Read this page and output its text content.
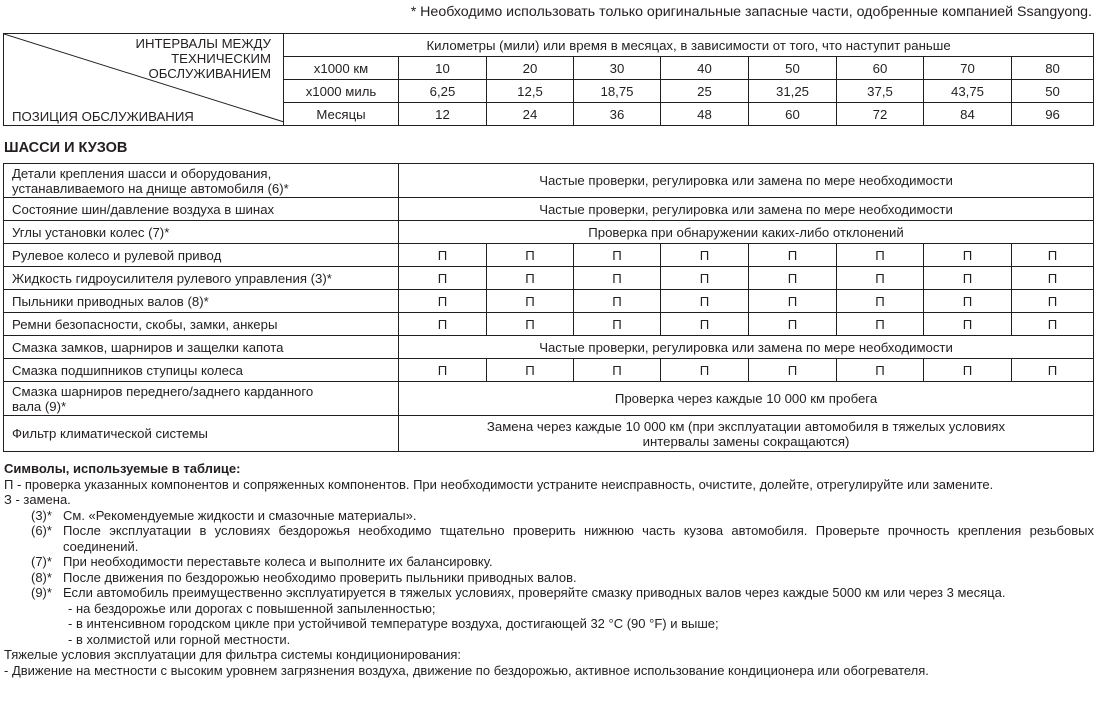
* Необходимо использовать только оригинальные запасные части, одобренные компанией Ssangyong.
ИНТЕРВАЛЫ МЕЖДУ
ТЕХНИЧЕСКИМ
ОБСЛУЖИВАНИЕМ
ПОЗИЦИЯ ОБСЛУЖИВАНИЯ	Километры (мили) или время в месяцах, в зависимости от того, что наступит раньше								
	x1000 км	10	20	30	40	50	60	70	80
	x1000 миль	6,25	12,5	18,75	25	31,25	37,5	43,75	50
	Месяцы	12	24	36	48	60	72	84	96
ШАССИ И КУЗОВ
Детали крепления шасси и оборудования,
устанавливаемого на днище автомобиля (6)*	Частые проверки, регулировка или замена по мере необходимости							
Состояние шин/давление воздуха в шинах	Частые проверки, регулировка или замена по мере необходимости							
Углы установки колес (7)*	Проверка при обнаружении каких-либо отклонений							
Рулевое колесо и рулевой привод	П	П	П	П	П	П	П	П
Жидкость гидроусилителя рулевого управления (3)*	П	П	П	П	П	П	П	П
Пыльники приводных валов (8)*	П	П	П	П	П	П	П	П
Ремни безопасности, скобы, замки, анкеры	П	П	П	П	П	П	П	П
Смазка замков, шарниров и защелки капота	Частые проверки, регулировка или замена по мере необходимости							
Смазка подшипников ступицы колеса	П	П	П	П	П	П	П	П

Смазка шарниров переднего/заднего карданного
вала (9)*	Проверка через каждые 10 000 км пробега							
Фильтр климатической системы	Замена через каждые 10 000 км (при эксплуатации автомобиля в тяжелых условиях
интервалы замены сокращаются)							
Символы, используемые в таблице:
П - проверка указанных компонентов и сопряженных компонентов. При необходимости устраните неисправность, очистите, долейте, отрегулируйте или замените.
З - замена.
(3)* См. «Рекомендуемые жидкости и смазочные материалы».
(6)* После эксплуатации в условиях бездорожья необходимо тщательно проверить нижнюю часть кузова автомобиля. Проверьте прочность крепления резьбовых соединений.
(7)* При необходимости переставьте колеса и выполните их балансировку.
(8)* После движения по бездорожью необходимо проверить пыльники приводных валов.
(9)* Если автомобиль преимущественно эксплуатируется в тяжелых условиях, проверяйте смазку приводных валов через каждые 5000 км или через 3 месяца.
- на бездорожье или дорогах с повышенной запыленностью;
- в интенсивном городском цикле при устойчивой температуре воздуха, достигающей 32 °C (90 °F) и выше;
- в холмистой или горной местности.
Тяжелые условия эксплуатации для фильтра системы кондиционирования:
- Движение на местности с высоким уровнем загрязнения воздуха, движение по бездорожью, активное использование кондиционера или обогревателя.
